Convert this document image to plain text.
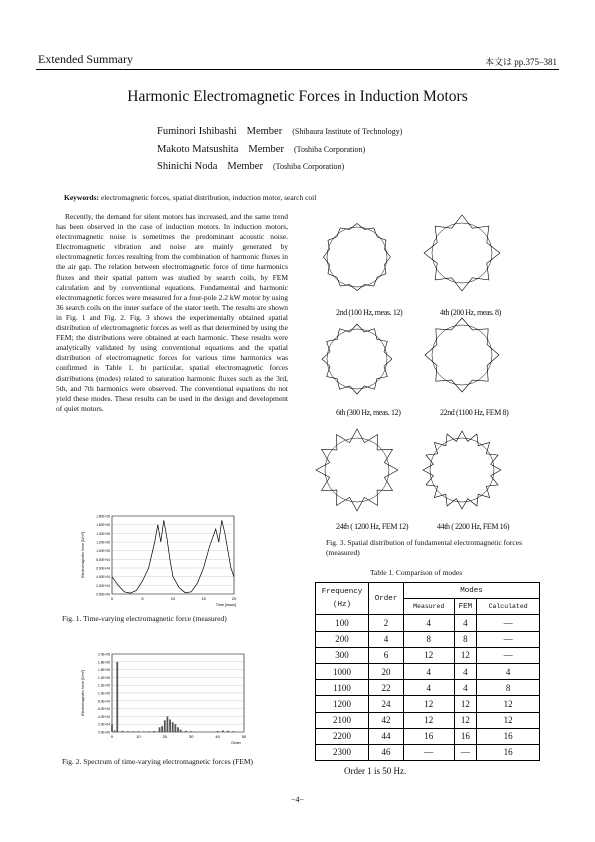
Extended Summary	本文は pp.375–381
Harmonic Electromagnetic Forces in Induction Motors
Fuminori Ishibashi Member (Shibaura Institute of Technology)
Makoto Matsushita Member (Toshiba Corporation)
Shinichi Noda Member (Toshiba Corporation)
Keywords: electromagnetic forces, spatial distribution, induction motor, search coil
Recently, the demand for silent motors has increased, and the same trend has been observed in the case of induction motors. In induction motors, electromagnetic noise is sometimes the predominant acoustic noise. Electromagnetic vibration and noise are mainly generated by electromagnetic forces resulting from the combination of harmonic fluxes in the air gap. The relation between electromagnetic force of time harmonics fluxes and their spatial pattern was studied by search coils, by FEM calculation and by conventional equations. Fundamental and harmonic electromagnetic forces were measured for a four-pole 2.2 kW motor by using 36 search coils on the inner surface of the stator teeth. The results are shown in Fig. 1 and Fig. 2. Fig. 3 shows the experimentally obtained spatial distribution of electromagnetic forces as well as that determined by using the FEM; the distributions were obtained at each harmonic. These results were analytically validated by using conventional equations and the spatial distribution of electromagnetic forces for various time harmonics was confirmed in Table 1. In particular, spatial electromagnetic forces distributions (modes) related to saturation harmonic fluxes such as the 3rd, 5th, and 7th harmonics were observed. The conventional equations do not yield these modes. These results can be used in the design and development of quiet motors.
0.00E+00
2.00E+04
4.00E+04
6.00E+04
8.00E+04
1.00E+05
1.20E+05
1.40E+05
1.60E+05
1.80E+05
0	5	10	15	20
Electromagnetic force [N/m²]
Time [msec]
Fig. 1. Time-varying electromagnetic force (measured)
0.0E+00
2.0E+04
4.0E+04
6.0E+04
8.0E+04
1.0E+05
1.2E+05
1.4E+05
1.6E+05
1.8E+05
2.0E+05
0	10	20	30	40	50
Electromagnetic force [N/m²]
Order
Fig. 2. Spectrum of time-varying electromagnetic forces (FEM)
2nd (100 Hz, meas. 12)	4th (200 Hz, meas. 8)
6th (300 Hz, meas. 12)	22nd (1100 Hz, FEM 8)
24th ( 1200 Hz, FEM 12)	44th ( 2200 Hz, FEM 16)
Fig. 3. Spatial distribution of fundamental electromagnetic forces (measured)
Table 1. Comparison of modes
Frequency (Hz)	Order	Modes		
		Measured	FEM	Calculated
100	2	4	4	—
200	4	8	8	—
300	6	12	12	—
1000	20	4	4	4
1100	22	4	4	8
1200	24	12	12	12
2100	42	12	12	12
2200	44	16	16	16
2300	46	—	—	16
Order 1 is 50 Hz.
−4−
